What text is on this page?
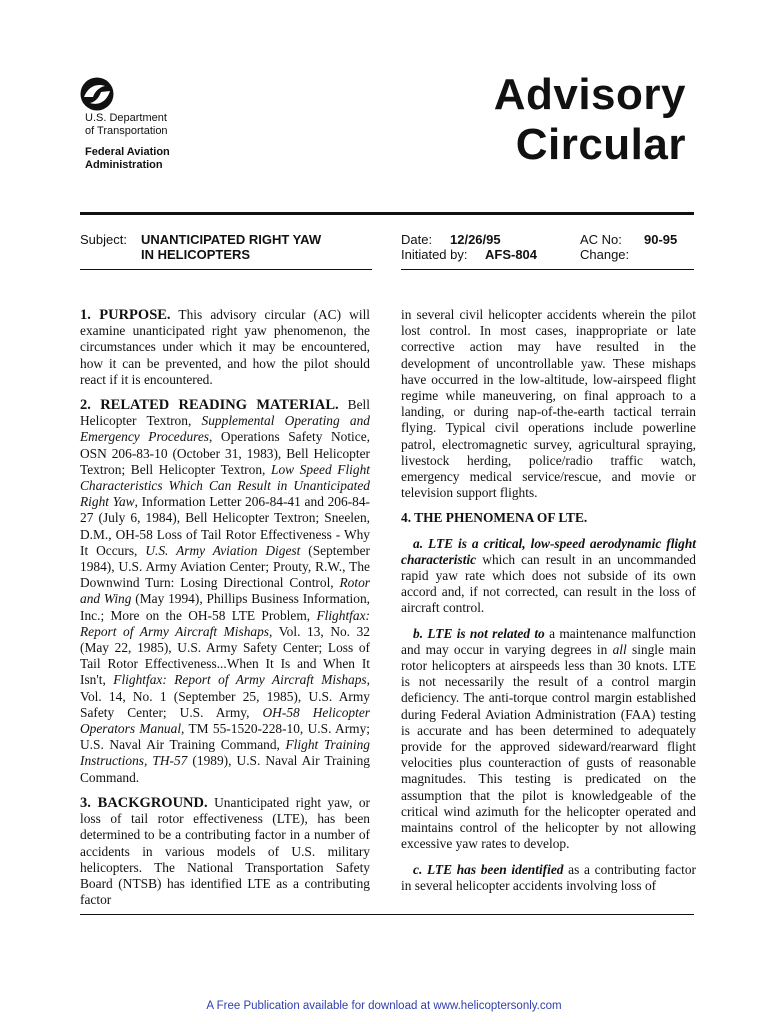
U.S. Department
of Transportation
Federal Aviation
Administration
Advisory
Circular
Subject: UNANTICIPATED RIGHT YAW
IN HELICOPTERS
Date: 12/26/95
Initiated by: AFS-804
AC No: 90-95
Change:

1. PURPOSE. This advisory circular (AC) will examine unanticipated right yaw phenomenon, the circumstances under which it may be encountered, how it can be prevented, and how the pilot should react if it is encountered.

2. RELATED READING MATERIAL. Bell Helicopter Textron, Supplemental Operating and Emergency Procedures, Operations Safety Notice, OSN 206-83-10 (October 31, 1983), Bell Helicopter Textron; Bell Helicopter Textron, Low Speed Flight Characteristics Which Can Result in Unanticipated Right Yaw, Information Letter 206-84-41 and 206-84-27 (July 6, 1984), Bell Helicopter Textron; Sneelen, D.M., OH-58 Loss of Tail Rotor Effectiveness - Why It Occurs, U.S. Army Aviation Digest (September 1984), U.S. Army Aviation Center; Prouty, R.W., The Downwind Turn: Losing Directional Control, Rotor and Wing (May 1994), Phillips Business Information, Inc.; More on the OH-58 LTE Problem, Flightfax: Report of Army Aircraft Mishaps, Vol. 13, No. 32 (May 22, 1985), U.S. Army Safety Center; Loss of Tail Rotor Effectiveness...When It Is and When It Isn't, Flightfax: Report of Army Aircraft Mishaps, Vol. 14, No. 1 (September 25, 1985), U.S. Army Safety Center; U.S. Army, OH-58 Helicopter Operators Manual, TM 55-1520-228-10, U.S. Army; U.S. Naval Air Training Command, Flight Training Instructions, TH-57 (1989), U.S. Naval Air Training Command.

3. BACKGROUND. Unanticipated right yaw, or loss of tail rotor effectiveness (LTE), has been determined to be a contributing factor in a number of accidents in various models of U.S. military helicopters. The National Transportation Safety Board (NTSB) has identified LTE as a contributing factor

in several civil helicopter accidents wherein the pilot lost control. In most cases, inappropriate or late corrective action may have resulted in the development of uncontrollable yaw. These mishaps have occurred in the low-altitude, low-airspeed flight regime while maneuvering, on final approach to a landing, or during nap-of-the-earth tactical terrain flying. Typical civil operations include powerline patrol, electromagnetic survey, agricultural spraying, livestock herding, police/radio traffic watch, emergency medical service/rescue, and movie or television support flights.

4. THE PHENOMENA OF LTE.

a. LTE is a critical, low-speed aerodynamic flight characteristic which can result in an uncommanded rapid yaw rate which does not subside of its own accord and, if not corrected, can result in the loss of aircraft control.

b. LTE is not related to a maintenance malfunction and may occur in varying degrees in all single main rotor helicopters at airspeeds less than 30 knots. LTE is not necessarily the result of a control margin deficiency. The anti-torque control margin established during Federal Aviation Administration (FAA) testing is accurate and has been determined to adequately provide for the approved sideward/rearward flight velocities plus counteraction of gusts of reasonable magnitudes. This testing is predicated on the assumption that the pilot is knowledgeable of the critical wind azimuth for the helicopter operated and maintains control of the helicopter by not allowing excessive yaw rates to develop.

c. LTE has been identified as a contributing factor in several helicopter accidents involving loss of

A Free Publication available for download at www.helicoptersonly.com
